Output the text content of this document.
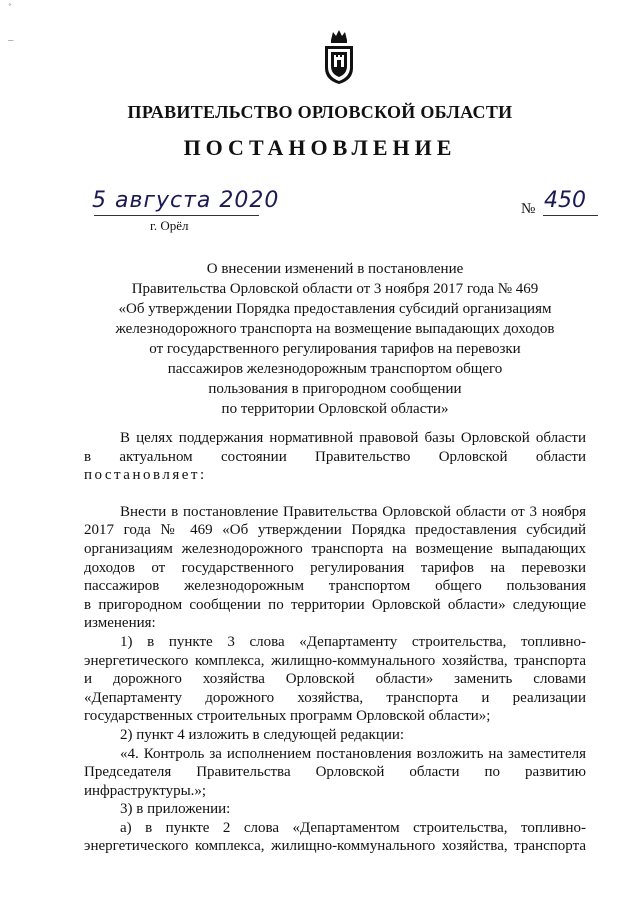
˚
–
ПРАВИТЕЛЬСТВО ОРЛОВСКОЙ ОБЛАСТИ
ПОСТАНОВЛЕНИЕ
5 августа 2020
г. Орёл
№ 450
О внесении изменений в постановление
Правительства Орловской области от 3 ноября 2017 года № 469
«Об утверждении Порядка предоставления субсидий организациям
железнодорожного транспорта на возмещение выпадающих доходов
от государственного регулирования тарифов на перевозки
пассажиров железнодорожным транспортом общего
пользования в пригородном сообщении
по территории Орловской области»
В целях поддержания нормативной правовой базы Орловской области
в актуальном состоянии Правительство Орловской области
постановляет:
Внести в постановление Правительства Орловской области от 3 ноября
2017 года № 469 «Об утверждении Порядка предоставления субсидий
организациям железнодорожного транспорта на возмещение выпадающих
доходов от государственного регулирования тарифов на перевозки
пассажиров железнодорожным транспортом общего пользования
в пригородном сообщении по территории Орловской области» следующие
изменения:
1) в пункте 3 слова «Департаменту строительства, топливно-
энергетического комплекса, жилищно-коммунального хозяйства, транспорта
и дорожного хозяйства Орловской области» заменить словами
«Департаменту дорожного хозяйства, транспорта и реализации
государственных строительных программ Орловской области»;
2) пункт 4 изложить в следующей редакции:
«4. Контроль за исполнением постановления возложить на заместителя
Председателя Правительства Орловской области по развитию
инфраструктуры.»;
3) в приложении:
а) в пункте 2 слова «Департаментом строительства, топливно-
энергетического комплекса, жилищно-коммунального хозяйства, транспорта
